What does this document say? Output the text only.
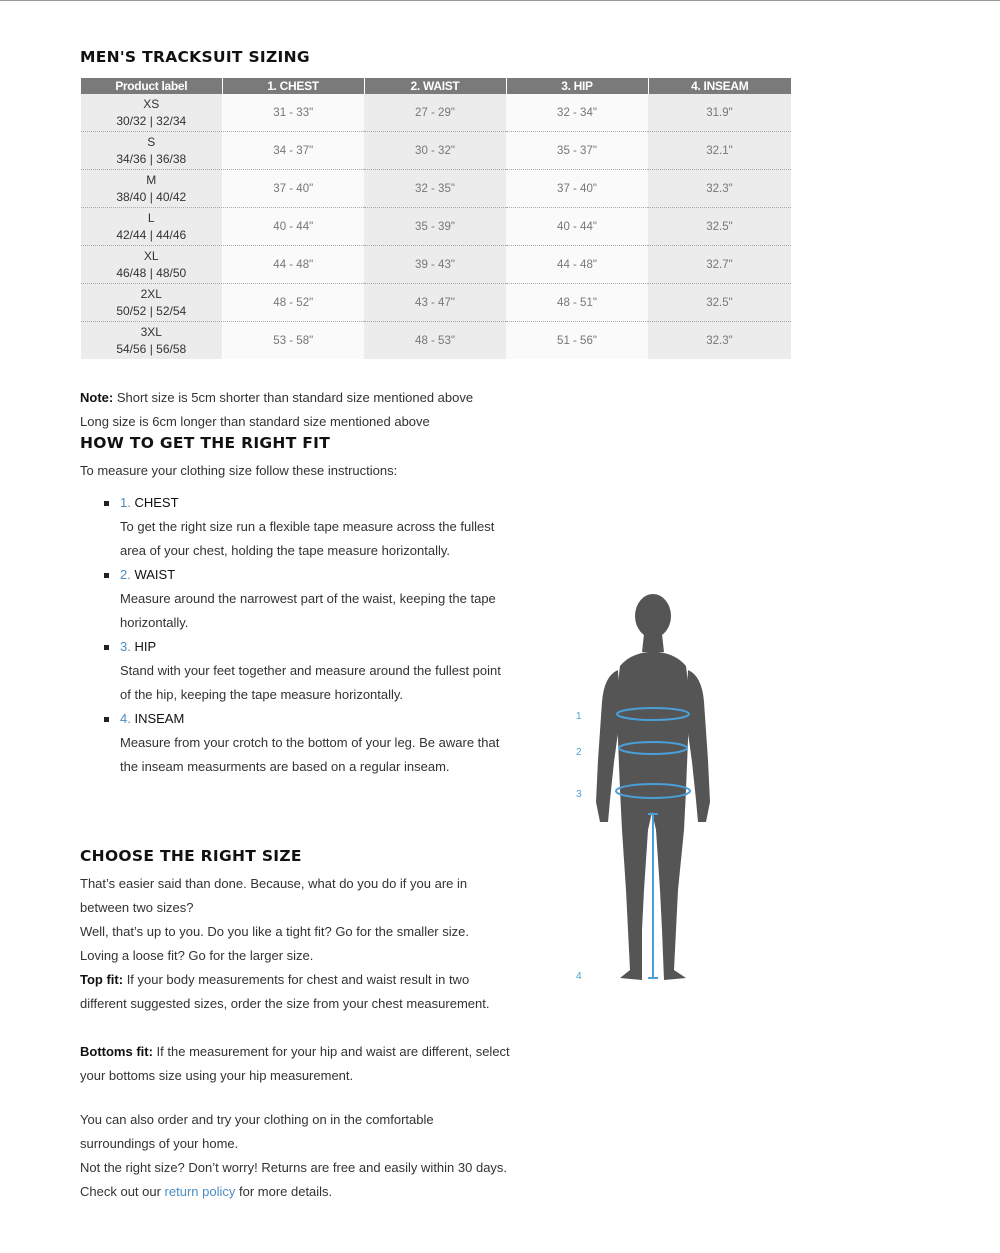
MEN'S TRACKSUIT SIZING
Product label	1. CHEST	2. WAIST	3. HIP	4. INSEAM

XS
30/32 | 32/34	31 - 33"	27 - 29"	32 - 34"	31.9"

S
34/36 | 36/38	34 - 37"	30 - 32"	35 - 37"	32.1"

M
38/40 | 40/42	37 - 40"	32 - 35"	37 - 40"	32.3"

L
42/44 | 44/46	40 - 44"	35 - 39"	40 - 44"	32.5"

XL
46/48 | 48/50	44 - 48"	39 - 43"	44 - 48"	32.7"

2XL
50/52 | 52/54	48 - 52"	43 - 47"	48 - 51"	32.5"

3XL
54/56 | 56/58	53 - 58"	48 - 53"	51 - 56"	32.3"

Note: Short size is 5cm shorter than standard size mentioned above

Long size is 6cm longer than standard size mentioned above

HOW TO GET THE RIGHT FIT

To measure your clothing size follow these instructions:

1. CHEST
To get the right size run a flexible tape measure across the fullest area of your chest, holding the tape measure horizontally.
2. WAIST
Measure around the narrowest part of the waist, keeping the tape horizontally.
3. HIP
Stand with your feet together and measure around the fullest point of the hip, keeping the tape measure horizontally.
4. INSEAM
Measure from your crotch to the bottom of your leg. Be aware that the inseam measurments are based on a regular inseam.
CHOOSE THE RIGHT SIZE

That’s easier said than done. Because, what do you do if you are in between two sizes?

Well, that’s up to you. Do you like a tight fit? Go for the smaller size. Loving a loose fit? Go for the larger size.

Top fit: If your body measurements for chest and waist result in two different suggested sizes, order the size from your chest measurement.

Bottoms fit: If the measurement for your hip and waist are different, select your bottoms size using your hip measurement.

You can also order and try your clothing on in the comfortable surroundings of your home.

Not the right size? Don’t worry! Returns are free and easily within 30 days. Check out our return policy for more details.

1
2
3
4
